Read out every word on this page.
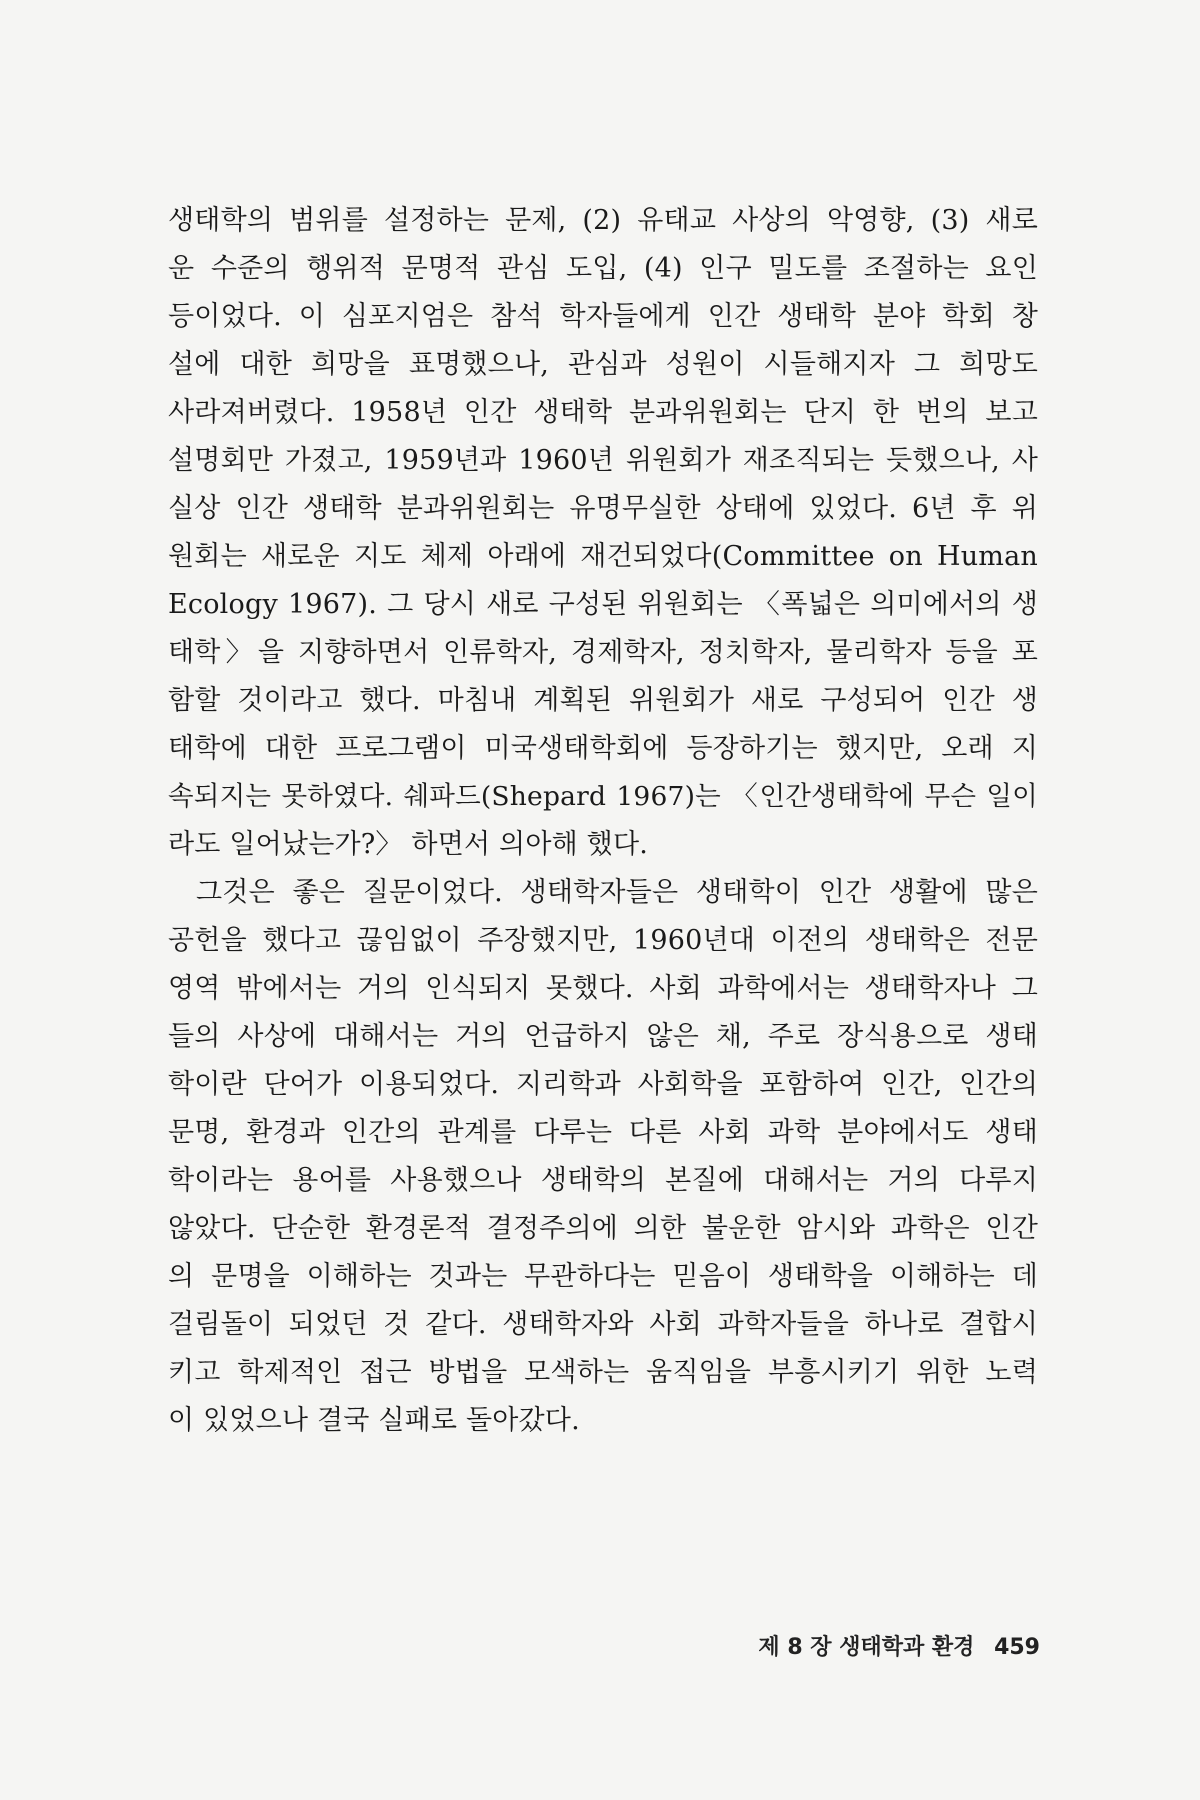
생태학의 범위를 설정하는 문제, (2) 유태교 사상의 악영향, (3) 새로
운 수준의 행위적 문명적 관심 도입, (4) 인구 밀도를 조절하는 요인
등이었다. 이 심포지엄은 참석 학자들에게 인간 생태학 분야 학회 창
설에 대한 희망을 표명했으나, 관심과 성원이 시들해지자 그 희망도
사라져버렸다. 1958년 인간 생태학 분과위원회는 단지 한 번의 보고
설명회만 가졌고, 1959년과 1960년 위원회가 재조직되는 듯했으나, 사
실상 인간 생태학 분과위원회는 유명무실한 상태에 있었다. 6년 후 위
원회는 새로운 지도 체제 아래에 재건되었다(Committee on Human
Ecology 1967). 그 당시 새로 구성된 위원회는 〈폭넓은 의미에서의 생
태학〉을 지향하면서 인류학자, 경제학자, 정치학자, 물리학자 등을 포
함할 것이라고 했다. 마침내 계획된 위원회가 새로 구성되어 인간 생
태학에 대한 프로그램이 미국생태학회에 등장하기는 했지만, 오래 지
속되지는 못하였다. 쉐파드(Shepard 1967)는 〈인간생태학에 무슨 일이
라도 일어났는가?〉 하면서 의아해 했다.
그것은 좋은 질문이었다. 생태학자들은 생태학이 인간 생활에 많은
공헌을 했다고 끊임없이 주장했지만, 1960년대 이전의 생태학은 전문
영역 밖에서는 거의 인식되지 못했다. 사회 과학에서는 생태학자나 그
들의 사상에 대해서는 거의 언급하지 않은 채, 주로 장식용으로 생태
학이란 단어가 이용되었다. 지리학과 사회학을 포함하여 인간, 인간의
문명, 환경과 인간의 관계를 다루는 다른 사회 과학 분야에서도 생태
학이라는 용어를 사용했으나 생태학의 본질에 대해서는 거의 다루지
않았다. 단순한 환경론적 결정주의에 의한 불운한 암시와 과학은 인간
의 문명을 이해하는 것과는 무관하다는 믿음이 생태학을 이해하는 데
걸림돌이 되었던 것 같다. 생태학자와 사회 과학자들을 하나로 결합시
키고 학제적인 접근 방법을 모색하는 움직임을 부흥시키기 위한 노력
이 있었으나 결국 실패로 돌아갔다.
제 8 장 생태학과 환경 459
